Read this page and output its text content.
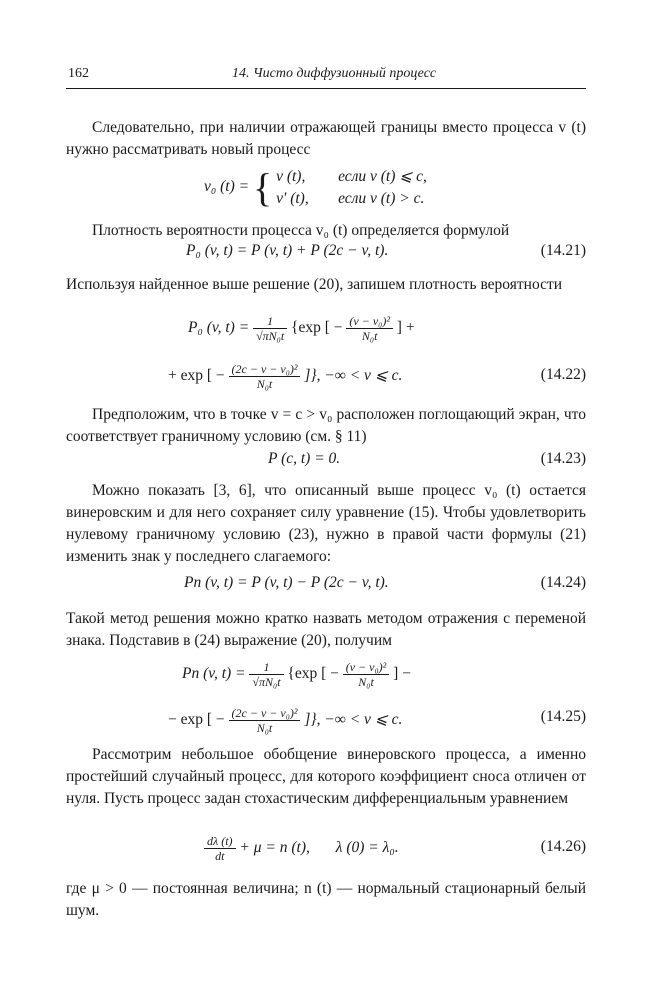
162	14. Чисто диффузионный процесс

Следовательно, при наличии отражающей границы вместо процесса v (t) нужно рассматривать новый процесс

v₀ (t) = { v (t), если v (t) ⩽ c,
v′ (t), если v (t) > c.

Плотность вероятности процесса v₀ (t) определяется формулой

P₀ (v, t) = P (v, t) + P (2c − v, t).	(14.21)

Используя найденное выше решение (20), запишем плотность вероятности

P₀ (v, $t) = \frac{1}{\text{√πN₀t}} \{\exp$ [ − $\frac{\text{(v − v₀)²}}{\text{N₀t}}$ ] +
+ exp [ − $\frac{\text{(2c − v − v₀)²}}{\text{N₀t}}$ ]}, −∞ < v ⩽ c.	(14.22)

Предположим, что в точке v = c > v₀ расположен поглощающий экран, что соответствует граничному условию (см. § 11)

P (c, t) = 0.	(14.23)

Можно показать [3, 6], что описанный выше процесс v₀ (t) остается винеровским и для него сохраняет силу уравнение (15). Чтобы удовлетворить нулевому граничному условию (23), нужно в правой части формулы (21) изменить знак у последнего слагаемого:

Pп (v, t) = P (v, t) − P (2c − v, t).	(14.24)

Такой метод решения можно кратко назвать методом отражения с переменой знака. Подставив в (24) выражение (20), получим

Pп (v, $t) = \frac{1}{\text{√πN₀t}} \{\exp$ [ − $\frac{\text{(v − v₀)²}}{\text{N₀t}}$ ] −
− exp [ − $\frac{\text{(2c − v − v₀)²}}{\text{N₀t}}$ ]}, −∞ < v ⩽ c.	(14.25)

Рассмотрим небольшое обобщение винеровского процесса, а именно простейший случайный процесс, для которого коэффициент сноса отличен от нуля. Пусть процесс задан стохастическим дифференциальным уравнением

$\frac{d\lambda (t)}{dt} + \mu = n$ (t), λ (0) = λ₀.	(14.26)

где μ > 0 — постоянная величина; n (t) — нормальный стационарный белый шум.
